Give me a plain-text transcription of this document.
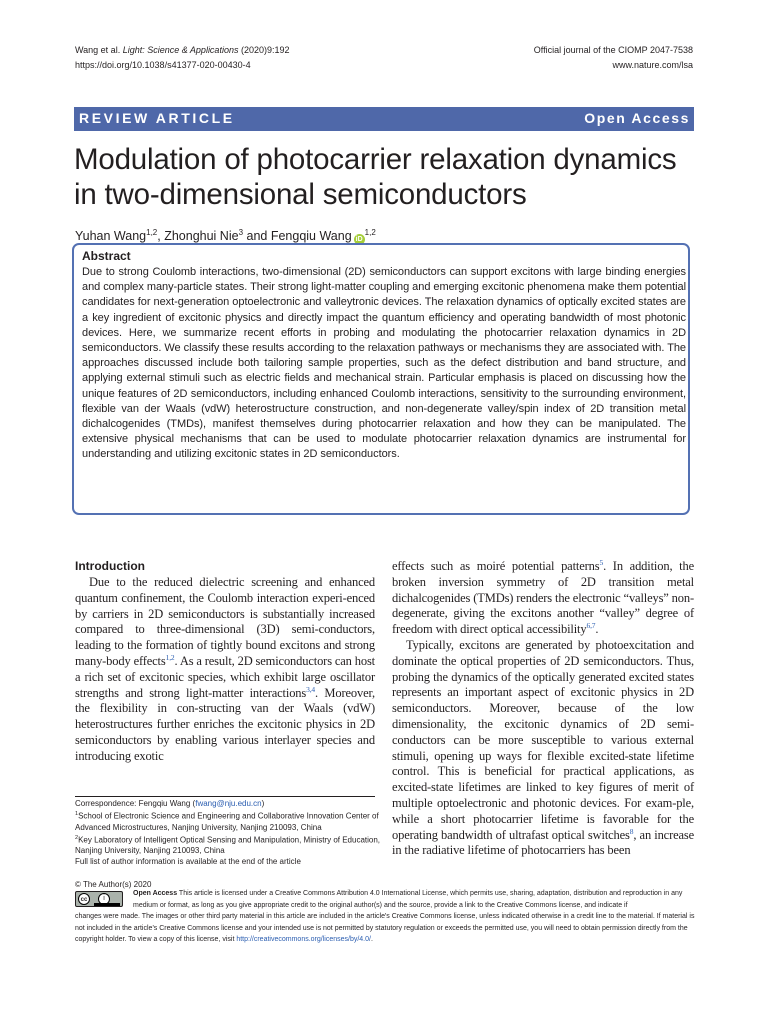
Wang et al. Light: Science & Applications (2020)9:192
https://doi.org/10.1038/s41377-020-00430-4
Official journal of the CIOMP 2047-7538
www.nature.com/lsa
REVIEW ARTICLE	Open Access
Modulation of photocarrier relaxation dynamics in two-dimensional semiconductors
Yuhan Wang$^{1,2}$, Zhonghui Nie$^3$ and Fengqiu Wang iD$^{1,2}$
Abstract
Due to strong Coulomb interactions, two-dimensional (2D) semiconductors can support excitons with large binding energies and complex many-particle states. Their strong light-matter coupling and emerging excitonic phenomena make them potential candidates for next-generation optoelectronic and valleytronic devices. The relaxation dynamics of optically excited states are a key ingredient of excitonic physics and directly impact the quantum efficiency and operating bandwidth of most photonic devices. Here, we summarize recent efforts in probing and modulating the photocarrier relaxation dynamics in 2D semiconductors. We classify these results according to the relaxation pathways or mechanisms they are associated with. The approaches discussed include both tailoring sample properties, such as the defect distribution and band structure, and applying external stimuli such as electric fields and mechanical strain. Particular emphasis is placed on discussing how the unique features of 2D semiconductors, including enhanced Coulomb interactions, sensitivity to the surrounding environment, flexible van der Waals (vdW) heterostructure construction, and non-degenerate valley/spin index of 2D transition metal dichalcogenides (TMDs), manifest themselves during photocarrier relaxation and how they can be manipulated. The extensive physical mechanisms that can be used to modulate photocarrier relaxation dynamics are instrumental for understanding and utilizing excitonic states in 2D semiconductors.
Introduction

Due to the reduced dielectric screening and enhanced quantum confinement, the Coulomb interaction experi-enced by carriers in 2D semiconductors is substantially increased compared to three-dimensional (3D) semi-conductors, leading to the formation of tightly bound excitons and strong many-body effects$^{1,2}$. As a result, 2D semiconductors can host a rich set of excitonic species, which exhibit large oscillator strengths and strong light-matter interactions$^{3,4}$. Moreover, the flexibility in con-structing van der Waals (vdW) heterostructures further enriches the excitonic physics in 2D semiconductors by enabling various interlayer species and introducing exotic

effects such as moiré potential patterns$^5$. In addition, the broken inversion symmetry of 2D transition metal dichalcogenides (TMDs) renders the electronic “valleys” non-degenerate, giving the excitons another “valley” degree of freedom with direct optical accessibility$^{6,7}$.

Typically, excitons are generated by photoexcitation and dominate the optical properties of 2D semiconductors. Thus, probing the dynamics of the optically generated excited states represents an important aspect of excitonic physics in 2D semiconductors. Moreover, because of the low dimensionality, the excitonic dynamics of 2D semi-conductors can be more susceptible to various external stimuli, opening up ways for flexible excited-state lifetime control. This is beneficial for practical applications, as excited-state lifetimes are linked to key figures of merit of multiple optoelectronic and photonic devices. For exam-ple, while a short photocarrier lifetime is favorable for the operating bandwidth of ultrafast optical switches$^8$, an increase in the radiative lifetime of photocarriers has been

Correspondence: Fengqiu Wang (fwang@nju.edu.cn)
$^1$School of Electronic Science and Engineering and Collaborative Innovation Center of Advanced Microstructures, Nanjing University, Nanjing 210093, China
$^2$Key Laboratory of Intelligent Optical Sensing and Manipulation, Ministry of Education, Nanjing University, Nanjing 210093, China
Full list of author information is available at the end of the article
© The Author(s) 2020
cc	i
Open Access This article is licensed under a Creative Commons Attribution 4.0 International License, which permits use, sharing, adaptation, distribution and reproduction in any medium or format, as long as you give appropriate credit to the original author(s) and the source, provide a link to the Creative Commons license, and indicate if
changes were made. The images or other third party material in this article are included in the article's Creative Commons license, unless indicated otherwise in a credit line to the material. If material is not included in the article's Creative Commons license and your intended use is not permitted by statutory regulation or exceeds the permitted use, you will need to obtain permission directly from the copyright holder. To view a copy of this license, visit http://creativecommons.org/licenses/by/4.0/.
